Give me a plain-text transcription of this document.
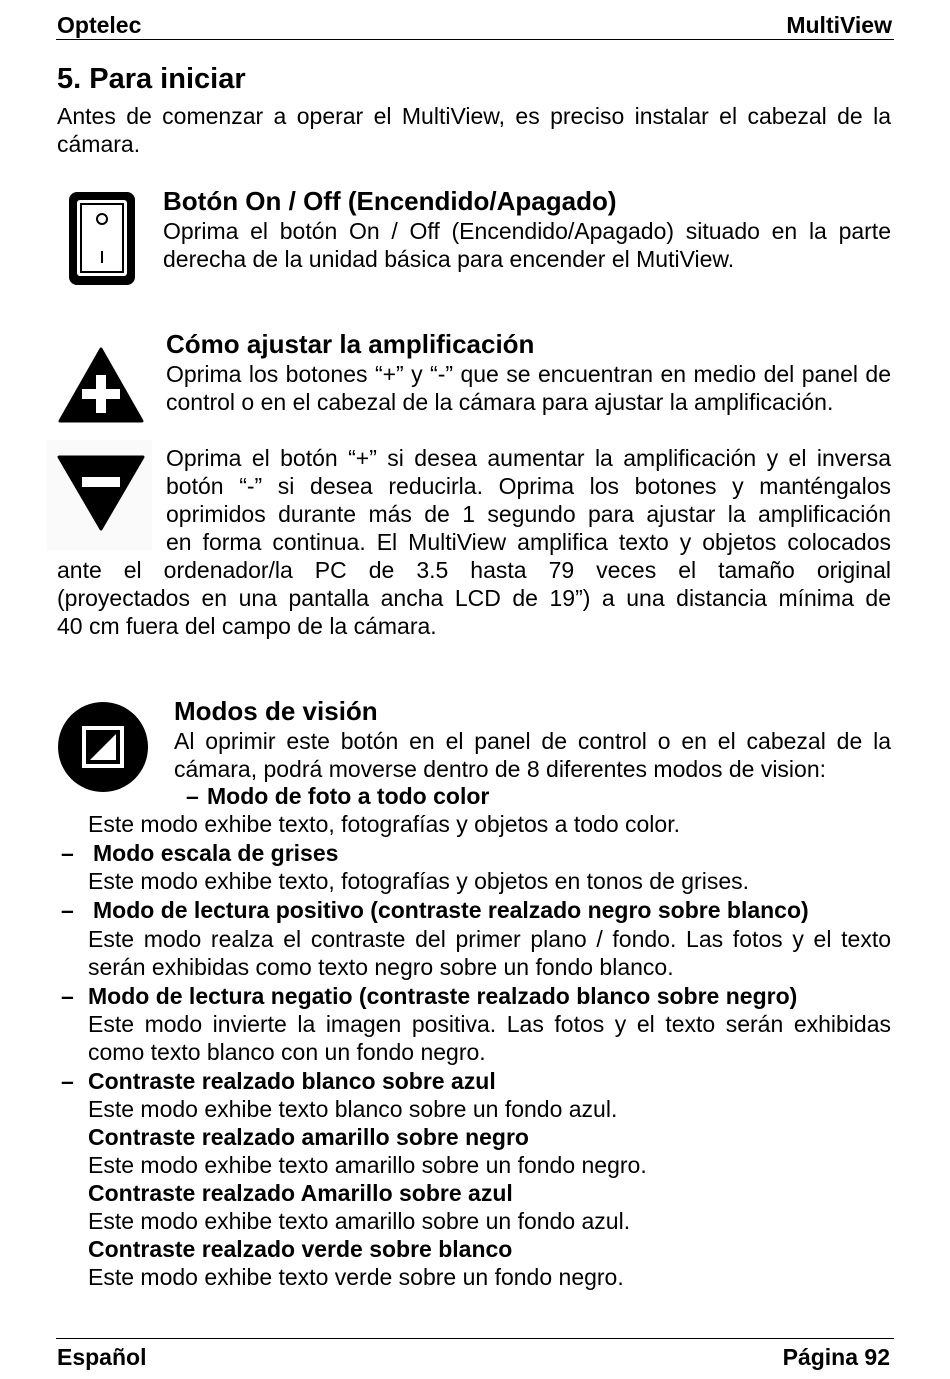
Optelec	MultiView
5. Para iniciar
Antes de comenzar a operar el MultiView, es preciso instalar el cabezal de la cámara.
Botón On / Off (Encendido/Apagado)
Oprima el botón On / Off (Encendido/Apagado) situado en la parte derecha de la unidad básica para encender el MutiView.
Cómo ajustar la amplificación
Oprima los botones “+” y “-” que se encuentran en medio del panel de control o en el cabezal de la cámara para ajustar la amplificación.
Oprima el botón “+” si desea aumentar la amplificación y el inversa
botón “-” si desea reducirla. Oprima los botones y manténgalos
oprimidos durante más de 1 segundo para ajustar la amplificación
en forma continua. El MultiView amplifica texto y objetos colocados
ante el ordenador/la PC de 3.5 hasta 79 veces el tamaño original
(proyectados en una pantalla ancha LCD de 19”) a una distancia mínima de
40 cm fuera del campo de la cámara.
Modos de visión
Al oprimir este botón en el panel de control o en el cabezal de la cámara, podrá moverse dentro de 8 diferentes modos de vision:
– Modo de foto a todo color
Este modo exhibe texto, fotografías y objetos a todo color.
– Modo escala de grises
Este modo exhibe texto, fotografías y objetos en tonos de grises.
– Modo de lectura positivo (contraste realzado negro sobre blanco)
Este modo realza el contraste del primer plano / fondo. Las fotos y el texto serán exhibidas como texto negro sobre un fondo blanco.
– Modo de lectura negatio (contraste realzado blanco sobre negro)
Este modo invierte la imagen positiva. Las fotos y el texto serán exhibidas como texto blanco con un fondo negro.
– Contraste realzado blanco sobre azul
Este modo exhibe texto blanco sobre un fondo azul.
Contraste realzado amarillo sobre negro
Este modo exhibe texto amarillo sobre un fondo negro.
Contraste realzado Amarillo sobre azul
Este modo exhibe texto amarillo sobre un fondo azul.
Contraste realzado verde sobre blanco
Este modo exhibe texto verde sobre un fondo negro.
Español	Página 92
